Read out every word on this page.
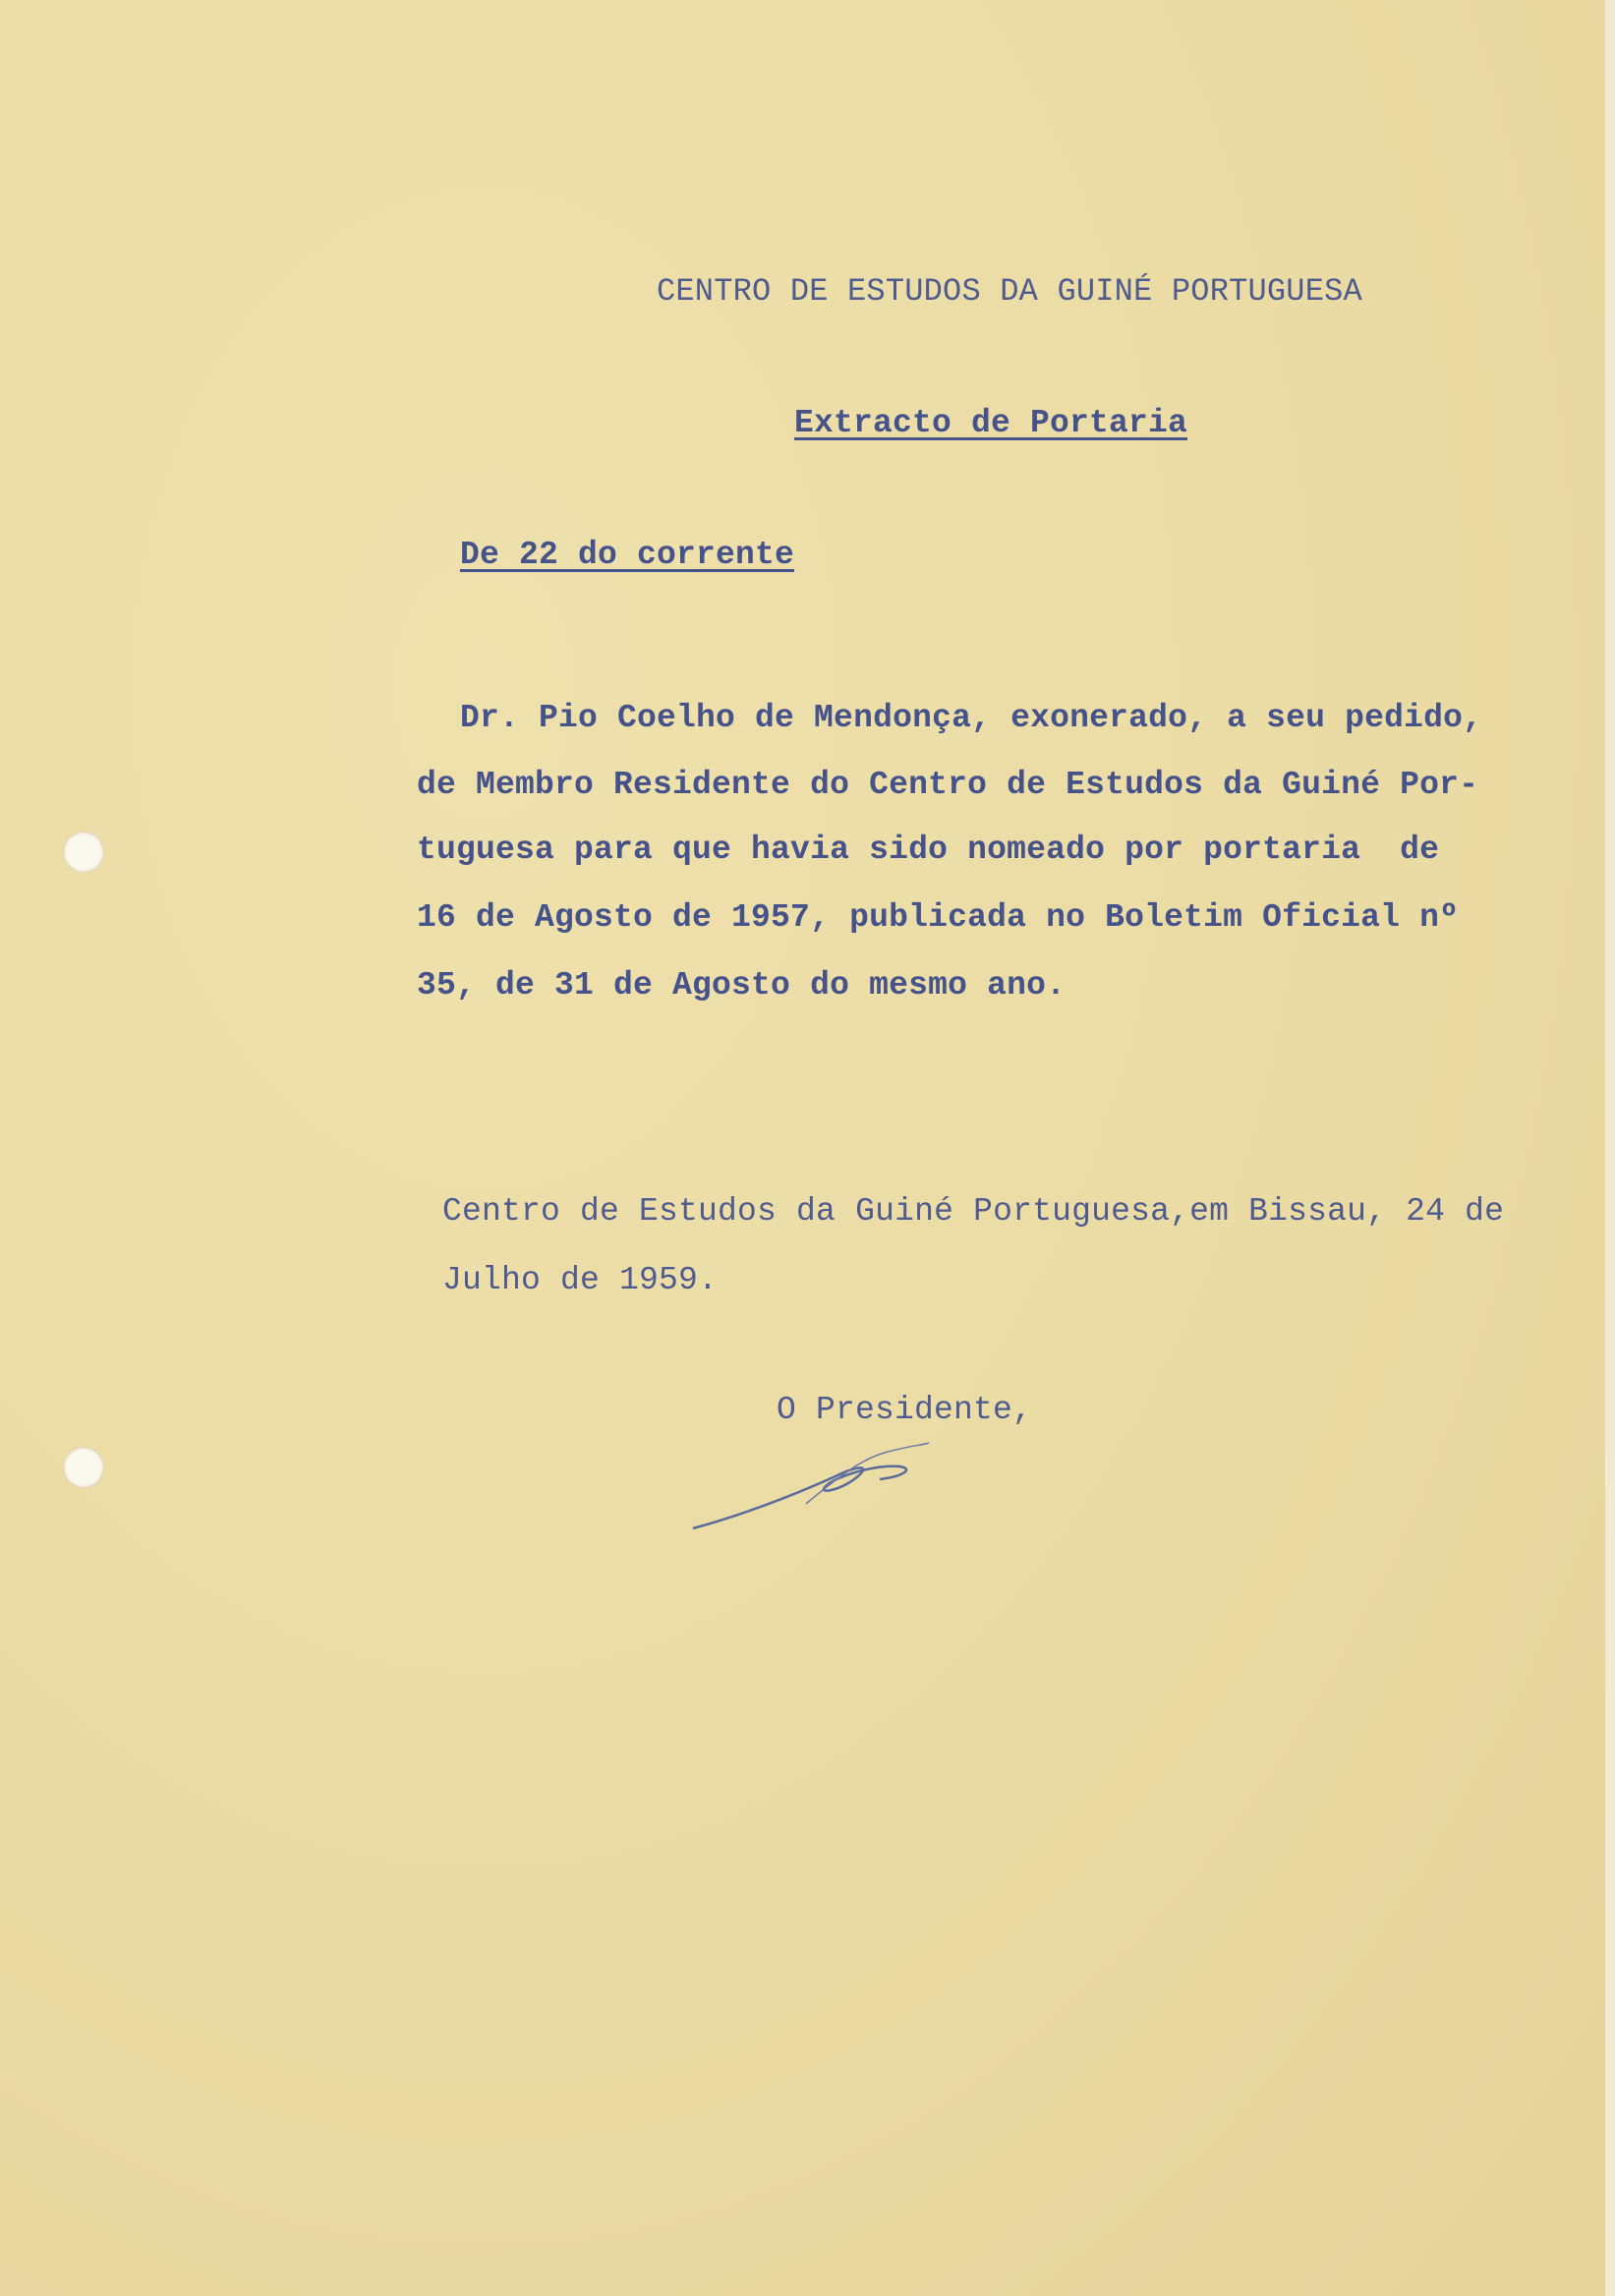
CENTRO DE ESTUDOS DA GUINÉ PORTUGUESA
Extracto de Portaria
De 22 do corrente
Dr. Pio Coelho de Mendonça, exonerado, a seu pedido,
de Membro Residente do Centro de Estudos da Guiné Por-
tuguesa para que havia sido nomeado por portaria  de
16 de Agosto de 1957, publicada no Boletim Oficial nº
35, de 31 de Agosto do mesmo ano.
Centro de Estudos da Guiné Portuguesa,em Bissau, 24 de
Julho de 1959.
O Presidente,
